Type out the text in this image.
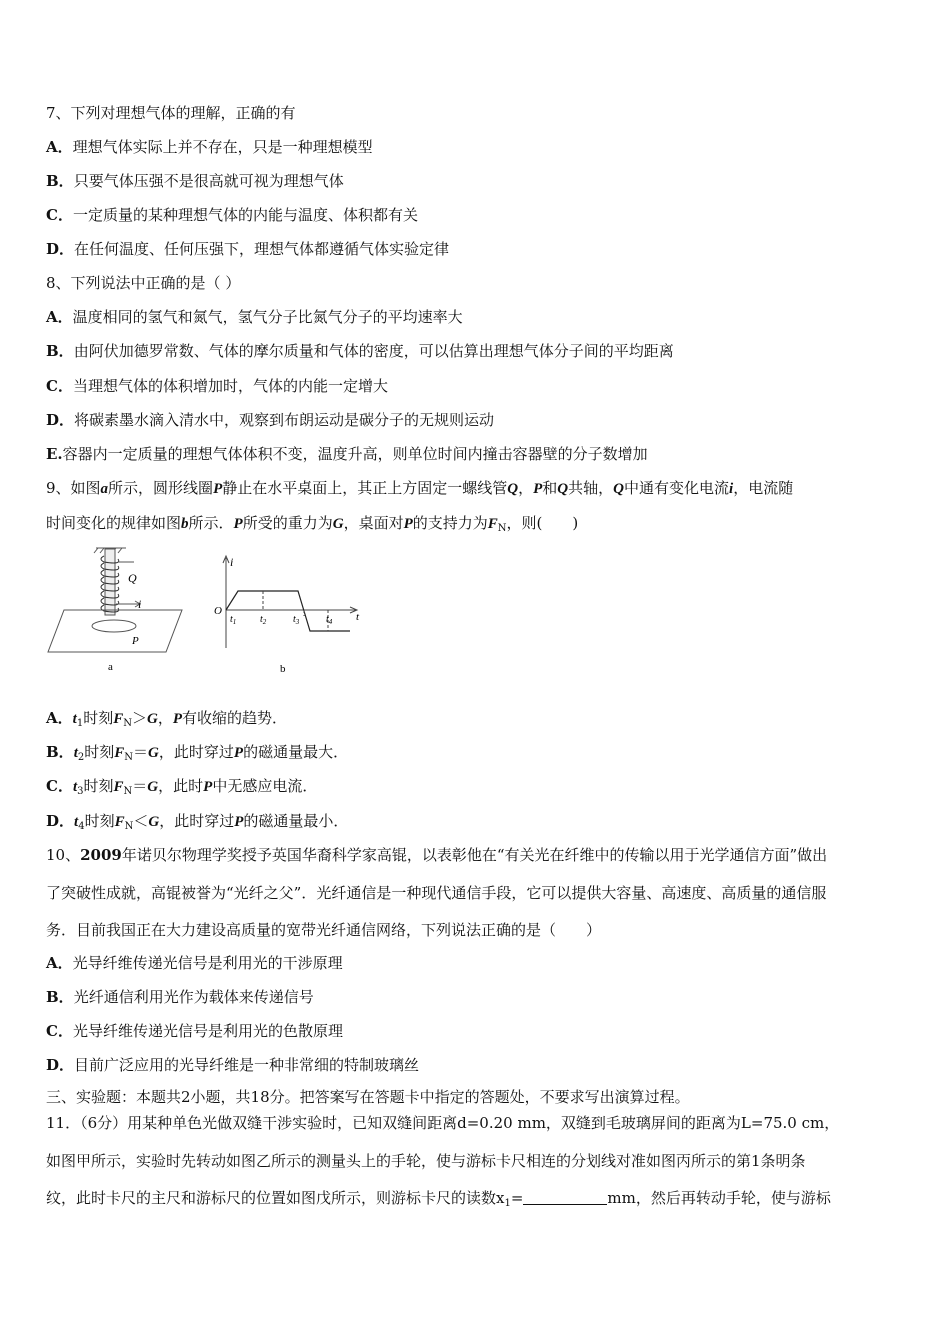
7、下列对理想气体的理解，正确的有
A．理想气体实际上并不存在，只是一种理想模型
B．只要气体压强不是很高就可视为理想气体
C．一定质量的某种理想气体的内能与温度、体积都有关
D．在任何温度、任何压强下，理想气体都遵循气体实验定律
8、下列说法中正确的是（ ）
A．温度相同的氢气和氮气，氢气分子比氮气分子的平均速率大
B．由阿伏加德罗常数、气体的摩尔质量和气体的密度，可以估算出理想气体分子间的平均距离
C．当理想气体的体积增加时，气体的内能一定增大
D．将碳素墨水滴入清水中，观察到布朗运动是碳分子的无规则运动
E.容器内一定质量的理想气体体积不变，温度升高，则单位时间内撞击容器壁的分子数增加
9、如图a所示，圆形线圈P静止在水平桌面上，其正上方固定一螺线管Q，P和Q共轴，Q中通有变化电流i，电流随
时间变化的规律如图b所示．P所受的重力为G，桌面对P的支持力为$F_N$，则(　　)
Q
i
P
a
i
O	t
$t_1$ $t_2$	$t_3$	$t_4$
b
A．$t_1$时刻$F_N>G$，P有收缩的趋势．
B．$t_2$时刻$F_N=G$，此时穿过P的磁通量最大．
C．$t_3$时刻$F_N=G$，此时P中无感应电流．
D．$t_4$时刻$F_N<G$，此时穿过P的磁通量最小．
10、2009年诺贝尔物理学奖授予英国华裔科学家高锟，以表彰他在“有关光在纤维中的传输以用于光学通信方面”做出
了突破性成就，高锟被誉为“光纤之父”．光纤通信是一种现代通信手段，它可以提供大容量、高速度、高质量的通信服
务．目前我国正在大力建设高质量的宽带光纤通信网络，下列说法正确的是（　　）
A．光导纤维传递光信号是利用光的干涉原理
B．光纤通信利用光作为载体来传递信号
C．光导纤维传递光信号是利用光的色散原理
D．目前广泛应用的光导纤维是一种非常细的特制玻璃丝
三、实验题：本题共2小题，共18分。把答案写在答题卡中指定的答题处，不要求写出演算过程。
11．（6分）用某种单色光做双缝干涉实验时，已知双缝间距离d=0.20 mm，双缝到毛玻璃屏间的距离为L=75.0 cm，
如图甲所示，实验时先转动如图乙所示的测量头上的手轮，使与游标卡尺相连的分划线对准如图丙所示的第1条明条
纹，此时卡尺的主尺和游标尺的位置如图戊所示，则游标卡尺的读数$x_1=$	mm，然后再转动手轮，使与游标
